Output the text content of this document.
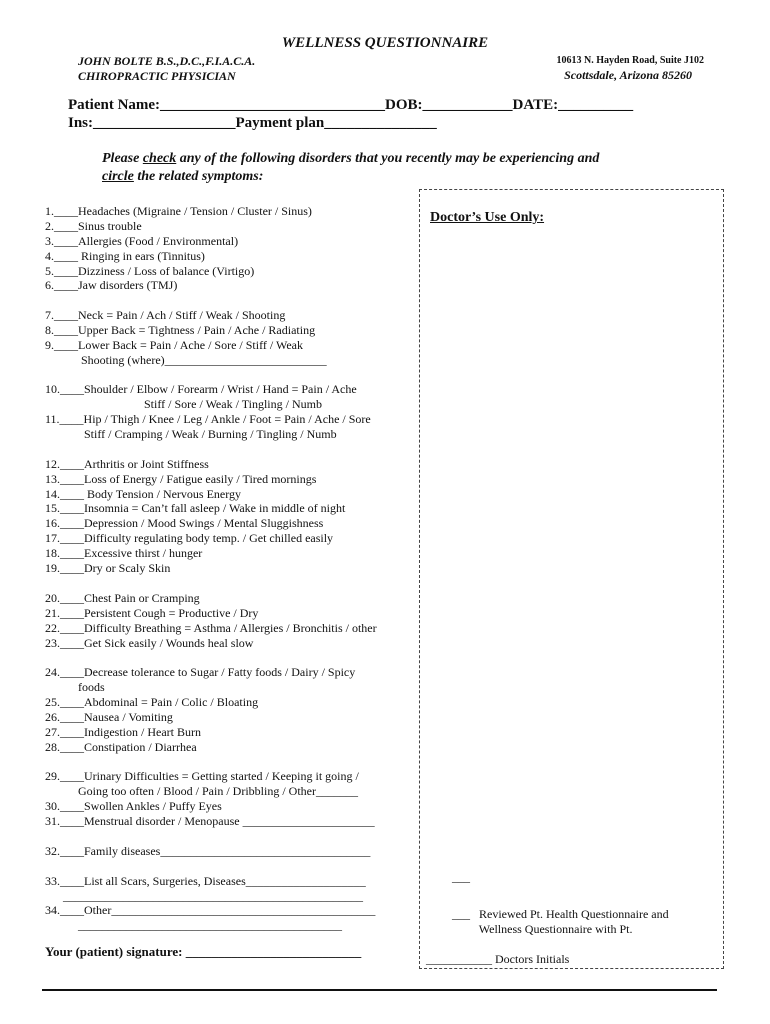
WELLNESS QUESTIONNAIRE
JOHN BOLTE B.S.,D.C.,F.I.A.C.A.
CHIROPRACTIC PHYSICIAN
10613 N. Hayden Road, Suite J102
Scottsdale, Arizona 85260
Patient Name:______________________________DOB:____________DATE:__________
Ins:___________________Payment plan_______________
Please check any of the following disorders that you recently may be experiencing and
circle the related symptoms:
1.____Headaches (Migraine / Tension / Cluster / Sinus)
2.____Sinus trouble
3.____Allergies (Food / Environmental)
4.____ Ringing in ears (Tinnitus)
5.____Dizziness / Loss of balance (Virtigo)
6.____Jaw disorders (TMJ)
7.____Neck = Pain / Ach / Stiff / Weak / Shooting
8.____Upper Back = Tightness / Pain / Ache / Radiating
9.____Lower Back = Pain / Ache / Sore / Stiff / Weak
Shooting (where)___________________________
10.____Shoulder / Elbow / Forearm / Wrist / Hand = Pain / Ache
Stiff / Sore / Weak / Tingling / Numb
11.____Hip / Thigh / Knee / Leg / Ankle / Foot = Pain / Ache / Sore
Stiff / Cramping / Weak / Burning / Tingling / Numb
12.____Arthritis or Joint Stiffness
13.____Loss of Energy / Fatigue easily / Tired mornings
14.____ Body Tension / Nervous Energy
15.____Insomnia = Can’t fall asleep / Wake in middle of night
16.____Depression / Mood Swings / Mental Sluggishness
17.____Difficulty regulating body temp. / Get chilled easily
18.____Excessive thirst / hunger
19.____Dry or Scaly Skin
20.____Chest Pain or Cramping
21.____Persistent Cough = Productive / Dry
22.____Difficulty Breathing = Asthma / Allergies / Bronchitis / other
23.____Get Sick easily / Wounds heal slow
24.____Decrease tolerance to Sugar / Fatty foods / Dairy / Spicy
foods
25.____Abdominal = Pain / Colic / Bloating
26.____Nausea / Vomiting
27.____Indigestion / Heart Burn
28.____Constipation / Diarrhea
29.____Urinary Difficulties = Getting started / Keeping it going /
Going too often / Blood / Pain / Dribbling / Other_______
30.____Swollen Ankles / Puffy Eyes
31.____Menstrual disorder / Menopause ______________________
32.____Family diseases___________________________________
33.____List all Scars, Surgeries, Diseases____________________
__________________________________________________
34.____Other____________________________________________
____________________________________________
Your (patient) signature: ___________________________
Doctor’s Use Only:
___
___   Reviewed Pt. Health Questionnaire and
Wellness Questionnaire with Pt.
___________ Doctors Initials
